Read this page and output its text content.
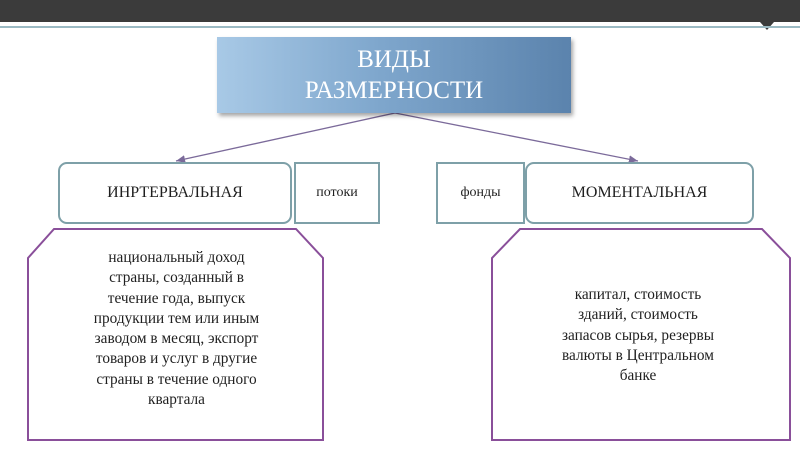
ВИДЫ
РАЗМЕРНОСТИ
ИНРТЕРВАЛЬНАЯ	потоки	фонды	МОМЕНТАЛЬНАЯ
национальный доход
страны, созданный в
течение года, выпуск
продукции тем или иным
заводом в месяц, экспорт
товаров и услуг в другие
страны в течение одного
квартала
капитал, стоимость
зданий, стоимость
запасов сырья, резервы
валюты в Центральном
банке
